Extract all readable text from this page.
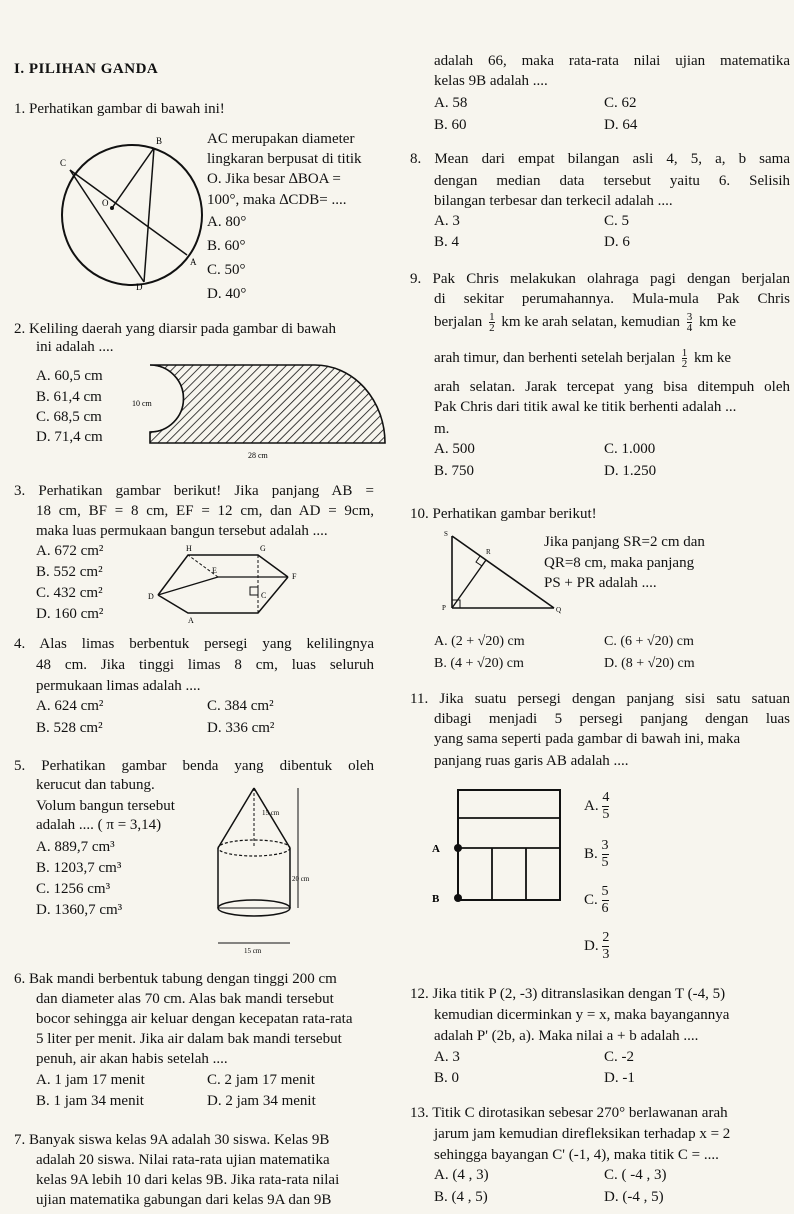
I. PILIHAN GANDA
1. Perhatikan gambar di bawah ini!
AC merupakan diameter
lingkaran berpusat di titik
O. Jika besar ∆BOA =
100°, maka ∆CDB= ....
A. 80°
B. 60°
C. 50°
D. 40°
B
C
O
A
D
2. Keliling daerah yang diarsir pada gambar di bawah
ini adalah ....
A. 60,5 cm
B. 61,4 cm
C. 68,5 cm
D. 71,4 cm
10 cm
28 cm
3. Perhatikan gambar berikut! Jika panjang AB =
18 cm, BF = 8 cm, EF = 12 cm, dan AD = 9cm,
maka luas permukaan bangun tersebut adalah ....
A. 672 cm²
B. 552 cm²
C. 432 cm²
D. 160 cm²
H	G
E
F
D	C
A
4. Alas limas berbentuk persegi yang kelilingnya
48 cm. Jika tinggi limas 8 cm, luas seluruh
permukaan limas adalah ....
A. 624 cm²
B. 528 cm²
C. 384 cm²
D. 336 cm²
5. Perhatikan gambar benda yang dibentuk oleh
kerucut dan tabung.
Volum bangun tersebut
adalah .... ( π = 3,14)
A. 889,7 cm³
B. 1203,7 cm³
C. 1256 cm³
D. 1360,7 cm³
15 cm
20 cm
15 cm
6. Bak mandi berbentuk tabung dengan tinggi 200 cm
dan diameter alas 70 cm. Alas bak mandi tersebut
bocor sehingga air keluar dengan kecepatan rata-rata
5 liter per menit. Jika air dalam bak mandi tersebut
penuh, air akan habis setelah ....
A. 1 jam 17 menit
B. 1 jam 34 menit
C. 2 jam 17 menit
D. 2 jam 34 menit
7. Banyak siswa kelas 9A adalah 30 siswa. Kelas 9B
adalah 20 siswa. Nilai rata-rata ujian matematika
kelas 9A lebih 10 dari kelas 9B. Jika rata-rata nilai
ujian matematika gabungan dari kelas 9A dan 9B
adalah 66, maka rata-rata nilai ujian matematika
kelas 9B adalah ....
A. 58
B. 60
C. 62
D. 64
8. Mean dari empat bilangan asli 4, 5, a, b sama
dengan median data tersebut yaitu 6. Selisih
bilangan terbesar dan terkecil adalah ....
A. 3
B. 4
C. 5
D. 6
9. Pak Chris melakukan olahraga pagi dengan berjalan
di sekitar perumahannya. Mula-mula Pak Chris
berjalan $\frac{1}{2}$ km ke arah selatan, kemudian $\frac{3}{4}$ km ke
arah timur, dan berhenti setelah berjalan $\frac{1}{2}$ km ke
arah selatan. Jarak tercepat yang bisa ditempuh oleh
Pak Chris dari titik awal ke titik berhenti adalah ...
m.
A. 500
B. 750
C. 1.000
D. 1.250
10. Perhatikan gambar berikut!
Jika panjang SR=2 cm dan
QR=8 cm, maka panjang
PS + PR adalah ....
S
R
P	Q
A. (2 + √20) cm
B. (4 + √20) cm
C. (6 + √20) cm
D. (8 + √20) cm
11. Jika suatu persegi dengan panjang sisi satu satuan
dibagi menjadi 5 persegi panjang dengan luas
yang sama seperti pada gambar di bawah ini, maka
panjang ruas garis AB adalah ....
A
B
A. $\frac{4}{5}$
B. $\frac{3}{5}$
C. $\frac{5}{6}$
D. $\frac{2}{3}$
12. Jika titik P (2, -3) ditranslasikan dengan T (-4, 5)
kemudian dicerminkan y = x, maka bayangannya
adalah P' (2b, a). Maka nilai a + b adalah ....
A. 3
B. 0
C. -2
D. -1
13. Titik C dirotasikan sebesar 270° berlawanan arah
jarum jam kemudian direfleksikan terhadap x = 2
sehingga bayangan C' (-1, 4), maka titik C = ....
A. (4 , 3)
B. (4 , 5)
C. ( -4 , 3)
D. (-4 , 5)
